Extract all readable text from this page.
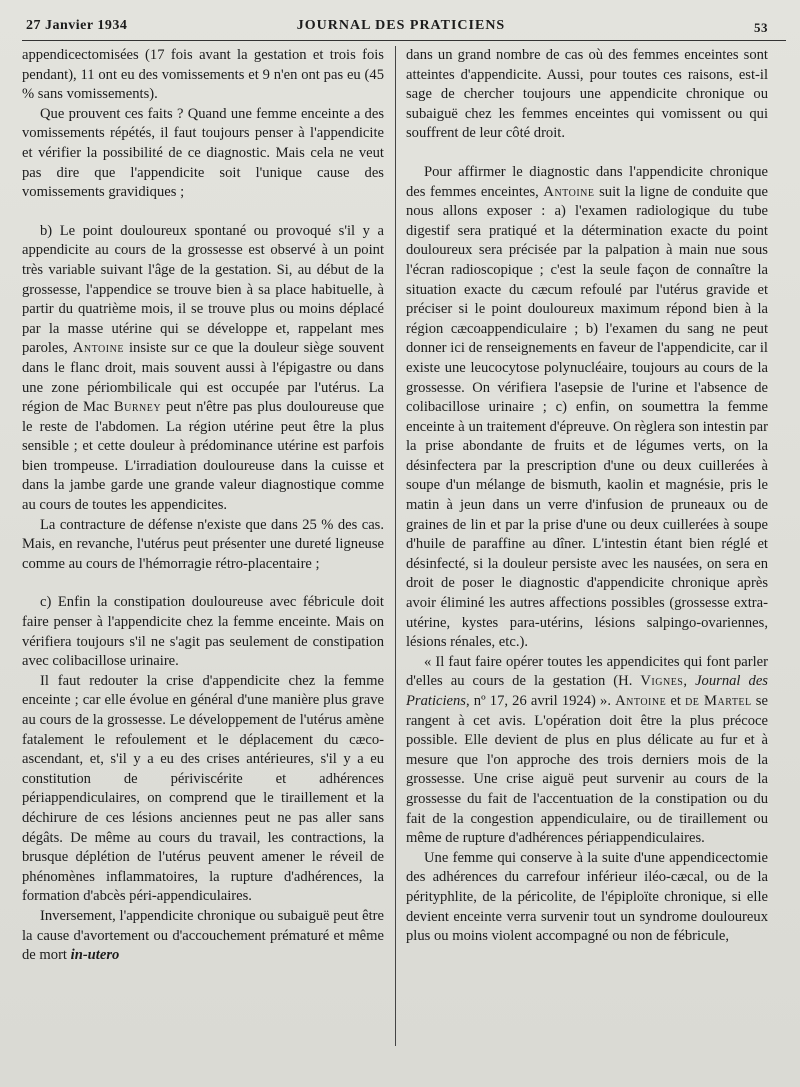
27 Janvier 1934	JOURNAL DES PRATICIENS	53

appendicectomisées (17 fois avant la gestation et trois fois pendant), 11 ont eu des vomissements et 9 n'en ont pas eu (45 % sans vomissements).

Que prouvent ces faits ? Quand une femme enceinte a des vomissements répétés, il faut toujours penser à l'appendicite et vérifier la possibilité de ce diagnostic. Mais cela ne veut pas dire que l'appendicite soit l'unique cause des vomissements gravidiques ;

b) Le point douloureux spontané ou provoqué s'il y a appendicite au cours de la grossesse est observé à un point très variable suivant l'âge de la gestation. Si, au début de la grossesse, l'appendice se trouve bien à sa place habituelle, à partir du quatrième mois, il se trouve plus ou moins déplacé par la masse utérine qui se développe et, rappelant mes paroles, Antoine insiste sur ce que la douleur siège souvent dans le flanc droit, mais souvent aussi à l'épigastre ou dans une zone périombilicale qui est occupée par l'utérus. La région de Mac Burney peut n'être pas plus douloureuse que le reste de l'abdomen. La région utérine peut être la plus sensible ; et cette douleur à prédominance utérine est parfois bien trompeuse. L'irradiation douloureuse dans la cuisse et dans la jambe garde une grande valeur diagnostique comme au cours de toutes les appendicites.

La contracture de défense n'existe que dans 25 % des cas. Mais, en revanche, l'utérus peut présenter une dureté ligneuse comme au cours de l'hémorragie rétro-placentaire ;

c) Enfin la constipation douloureuse avec fébricule doit faire penser à l'appendicite chez la femme enceinte. Mais on vérifiera toujours s'il ne s'agit pas seulement de constipation avec colibacillose urinaire.

Il faut redouter la crise d'appendicite chez la femme enceinte ; car elle évolue en général d'une manière plus grave au cours de la grossesse. Le développement de l'utérus amène fatalement le refoulement et le déplacement du cæco-ascendant, et, s'il y a eu des crises antérieures, s'il y a eu constitution de périviscérite et adhérences périappendiculaires, on comprend que le tiraillement et la déchirure de ces lésions anciennes peut ne pas aller sans dégâts. De même au cours du travail, les contractions, la brusque déplétion de l'utérus peuvent amener le réveil de phénomènes inflammatoires, la rupture d'adhérences, la formation d'abcès péri-appendiculaires.

Inversement, l'appendicite chronique ou subaiguë peut être la cause d'avortement ou d'accouchement prématuré et même de mort in-utero

dans un grand nombre de cas où des femmes enceintes sont atteintes d'appendicite. Aussi, pour toutes ces raisons, est-il sage de chercher toujours une appendicite chronique ou subaiguë chez les femmes enceintes qui vomissent ou qui souffrent de leur côté droit.

Pour affirmer le diagnostic dans l'appendicite chronique des femmes enceintes, Antoine suit la ligne de conduite que nous allons exposer : a) l'examen radiologique du tube digestif sera pratiqué et la détermination exacte du point douloureux sera précisée par la palpation à main nue sous l'écran radioscopique ; c'est la seule façon de connaître la situation exacte du cæcum refoulé par l'utérus gravide et préciser si le point douloureux maximum répond bien à la région cæcoappendiculaire ; b) l'examen du sang ne peut donner ici de renseignements en faveur de l'appendicite, car il existe une leucocytose polynucléaire, toujours au cours de la grossesse. On vérifiera l'asepsie de l'urine et l'absence de colibacillose urinaire ; c) enfin, on soumettra la femme enceinte à un traitement d'épreuve. On règlera son intestin par la prise abondante de fruits et de légumes verts, on la désinfectera par la prescription d'une ou deux cuillerées à soupe d'un mélange de bismuth, kaolin et magnésie, pris le matin à jeun dans un verre d'infusion de pruneaux ou de graines de lin et par la prise d'une ou deux cuillerées à soupe d'huile de paraffine au dîner. L'intestin étant bien réglé et désinfecté, si la douleur persiste avec les nausées, on sera en droit de poser le diagnostic d'appendicite chronique après avoir éliminé les autres affections possibles (grossesse extra-utérine, kystes para-utérins, lésions salpingo-ovariennes, lésions rénales, etc.).

« Il faut faire opérer toutes les appendicites qui font parler d'elles au cours de la gestation (H. Vignes, Journal des Praticiens, nº 17, 26 avril 1924) ». Antoine et de Martel se rangent à cet avis. L'opération doit être la plus précoce possible. Elle devient de plus en plus délicate au fur et à mesure que l'on approche des trois derniers mois de la grossesse. Une crise aiguë peut survenir au cours de la grossesse du fait de l'accentuation de la constipation ou du fait de la congestion appendiculaire, ou de tiraillement ou même de rupture d'adhérences périappendiculaires.

Une femme qui conserve à la suite d'une appendicectomie des adhérences du carrefour inférieur iléo-cæcal, ou de la pérityphlite, de la péricolite, de l'épiploïte chronique, si elle devient enceinte verra survenir tout un syndrome douloureux plus ou moins violent accompagné ou non de fébricule,
